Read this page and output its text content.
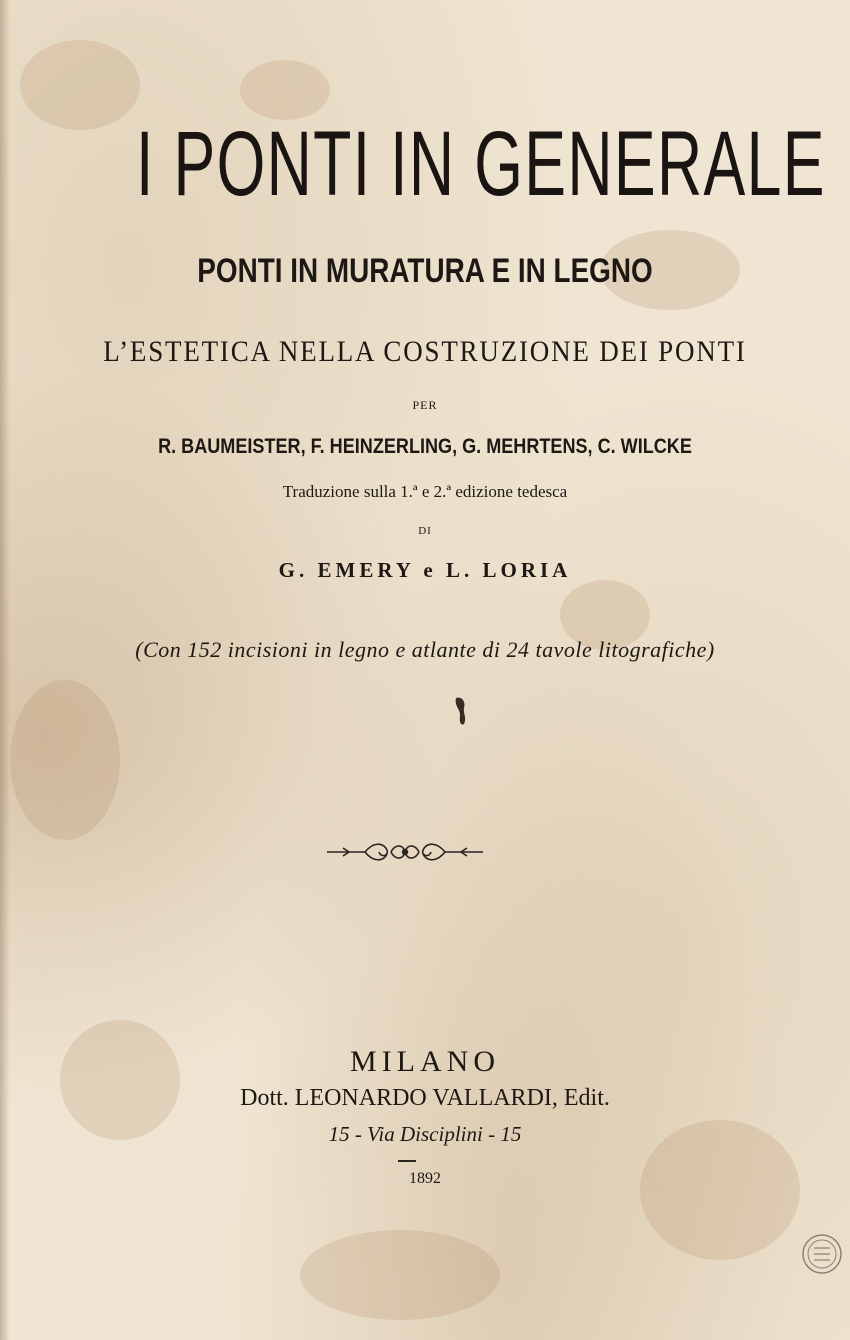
I PONTI IN GENERALE
PONTI IN MURATURA E IN LEGNO
L’ESTETICA NELLA COSTRUZIONE DEI PONTI
PER
R. BAUMEISTER, F. HEINZERLING, G. MEHRTENS, C. WILCKE
Traduzione sulla 1.ª e 2.ª edizione tedesca
DI
G. EMERY e L. LORIA
(Con 152 incisioni in legno e atlante di 24 tavole litografiche)
MILANO
Dott. LEONARDO VALLARDI, Edit.
15 - Via Disciplini - 15
1892
